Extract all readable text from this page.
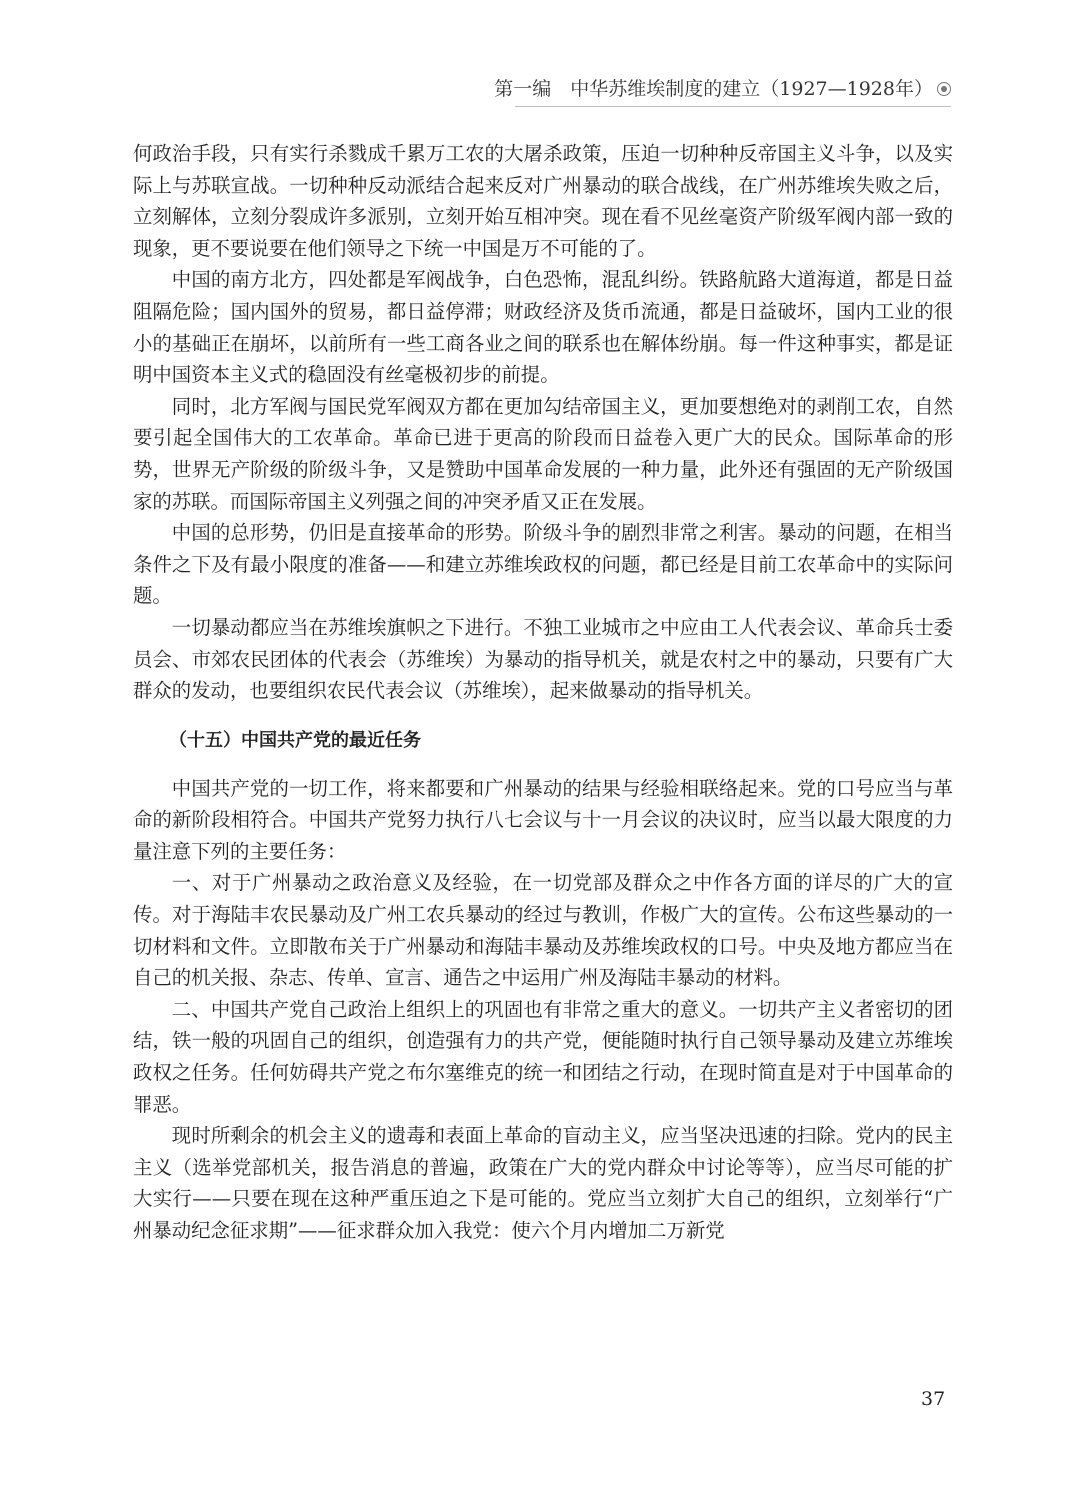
第一编　中华苏维埃制度的建立（1927—1928年）

何政治手段，只有实行杀戮成千累万工农的大屠杀政策，压迫一切种种反帝国主义斗争，以及实际上与苏联宣战。一切种种反动派结合起来反对广州暴动的联合战线，在广州苏维埃失败之后，立刻解体，立刻分裂成许多派别，立刻开始互相冲突。现在看不见丝毫资产阶级军阀内部一致的现象，更不要说要在他们领导之下统一中国是万不可能的了。

中国的南方北方，四处都是军阀战争，白色恐怖，混乱纠纷。铁路航路大道海道，都是日益阻隔危险；国内国外的贸易，都日益停滞；财政经济及货币流通，都是日益破坏，国内工业的很小的基础正在崩坏，以前所有一些工商各业之间的联系也在解体纷崩。每一件这种事实，都是证明中国资本主义式的稳固没有丝毫极初步的前提。

同时，北方军阀与国民党军阀双方都在更加勾结帝国主义，更加要想绝对的剥削工农，自然要引起全国伟大的工农革命。革命已进于更高的阶段而日益卷入更广大的民众。国际革命的形势，世界无产阶级的阶级斗争，又是赞助中国革命发展的一种力量，此外还有强固的无产阶级国家的苏联。而国际帝国主义列强之间的冲突矛盾又正在发展。

中国的总形势，仍旧是直接革命的形势。阶级斗争的剧烈非常之利害。暴动的问题，在相当条件之下及有最小限度的准备——和建立苏维埃政权的问题，都已经是目前工农革命中的实际问题。

一切暴动都应当在苏维埃旗帜之下进行。不独工业城市之中应由工人代表会议、革命兵士委员会、市郊农民团体的代表会（苏维埃）为暴动的指导机关，就是农村之中的暴动，只要有广大群众的发动，也要组织农民代表会议（苏维埃），起来做暴动的指导机关。

（十五）中国共产党的最近任务

中国共产党的一切工作，将来都要和广州暴动的结果与经验相联络起来。党的口号应当与革命的新阶段相符合。中国共产党努力执行八七会议与十一月会议的决议时，应当以最大限度的力量注意下列的主要任务：

一、对于广州暴动之政治意义及经验，在一切党部及群众之中作各方面的详尽的广大的宣传。对于海陆丰农民暴动及广州工农兵暴动的经过与教训，作极广大的宣传。公布这些暴动的一切材料和文件。立即散布关于广州暴动和海陆丰暴动及苏维埃政权的口号。中央及地方都应当在自己的机关报、杂志、传单、宣言、通告之中运用广州及海陆丰暴动的材料。

二、中国共产党自己政治上组织上的巩固也有非常之重大的意义。一切共产主义者密切的团结，铁一般的巩固自己的组织，创造强有力的共产党，便能随时执行自己领导暴动及建立苏维埃政权之任务。任何妨碍共产党之布尔塞维克的统一和团结之行动，在现时简直是对于中国革命的罪恶。

现时所剩余的机会主义的遗毒和表面上革命的盲动主义，应当坚决迅速的扫除。党内的民主主义（选举党部机关，报告消息的普遍，政策在广大的党内群众中讨论等等），应当尽可能的扩大实行——只要在现在这种严重压迫之下是可能的。党应当立刻扩大自己的组织，立刻举行“广州暴动纪念征求期”——征求群众加入我党：使六个月内增加二万新党

37
